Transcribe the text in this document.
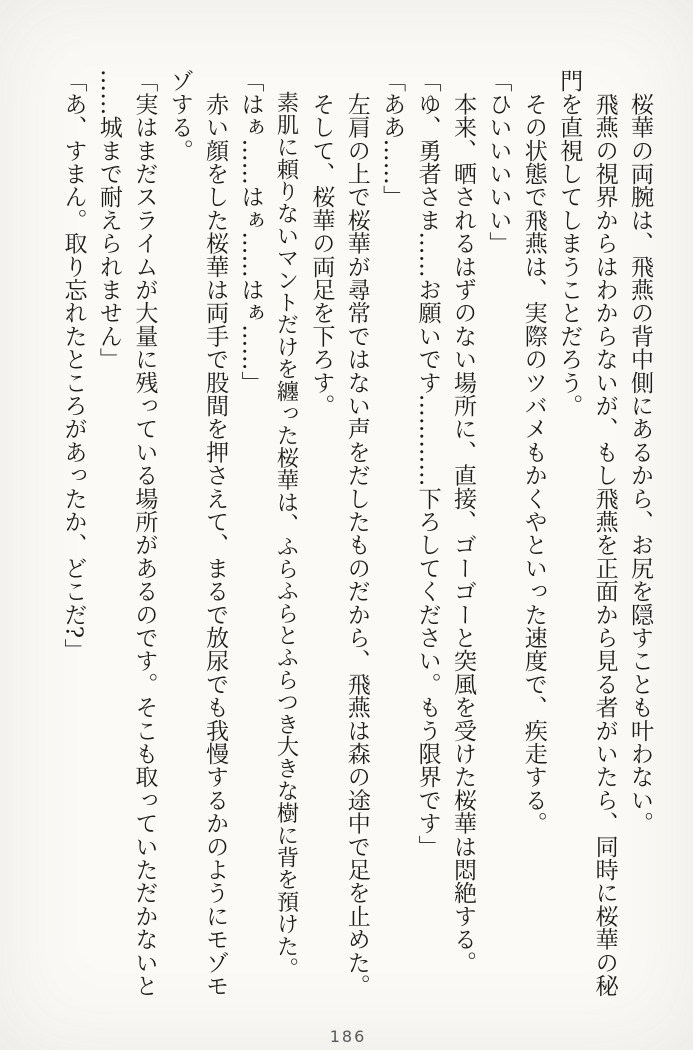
　桜華の両腕は、飛燕の背中側にあるから、お尻を隠すことも叶わない。

　飛燕の視界からはわからないが、もし飛燕を正面から見る者がいたら、同時に桜華の秘

門を直視してしまうことだろう。

　その状態で飛燕は、実際のツバメもかくやといった速度で、疾走する。

「ひいいいいい」

　本来、晒されるはずのない場所に、直接、ゴーゴーと突風を受けた桜華は悶絶する。

「ゆ、勇者さま……お願いです…………下ろしてください。もう限界です」

「ああ……」

　左肩の上で桜華が尋常ではない声をだしたものだから、飛燕は森の途中で足を止めた。

　そして、桜華の両足を下ろす。

　素肌に頼りないマントだけを纏った桜華は、ふらふらとふらつき大きな樹に背を預けた。

「はぁ……はぁ……はぁ……」

　赤い顔をした桜華は両手で股間を押さえて、まるで放尿でも我慢するかのようにモゾモ

ゾする。

「実はまだスライムが大量に残っている場所があるのです。そこも取っていただかないと

……城まで耐えられません」

「あ、すまん。取り忘れたところがあったか、どこだ?」

186
